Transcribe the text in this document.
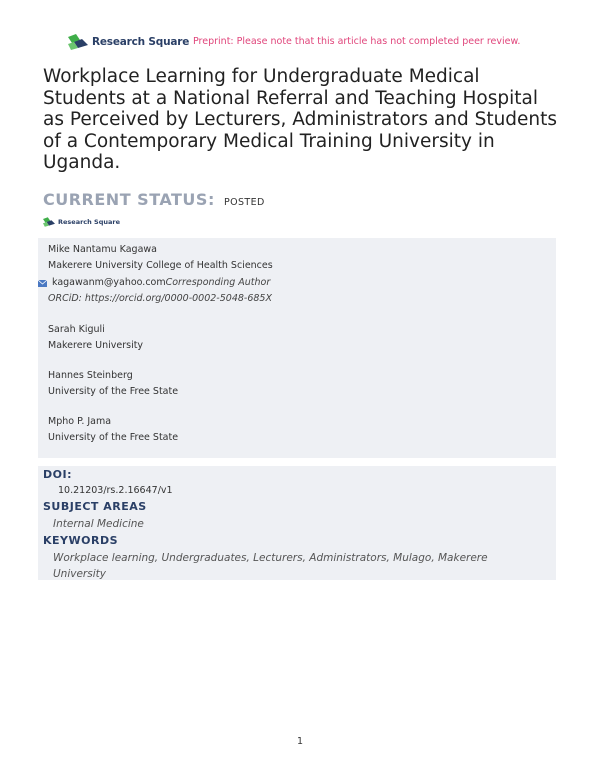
Research Square Preprint: Please note that this article has not completed peer review.
Workplace Learning for Undergraduate Medical Students at a National Referral and Teaching Hospital as Perceived by Lecturers, Administrators and Students of a Contemporary Medical Training University in Uganda.
CURRENT STATUS: POSTED
Research Square
Mike Nantamu Kagawa
Makerere University College of Health Sciences
kagawanm@yahoo.comCorresponding Author
ORCiD: https://orcid.org/0000-0002-5048-685X
Sarah Kiguli
Makerere University
Hannes Steinberg
University of the Free State
Mpho P. Jama
University of the Free State
DOI:
10.21203/rs.2.16647/v1
SUBJECT AREAS
Internal Medicine
KEYWORDS
Workplace learning, Undergraduates, Lecturers, Administrators, Mulago, Makerere University
1
